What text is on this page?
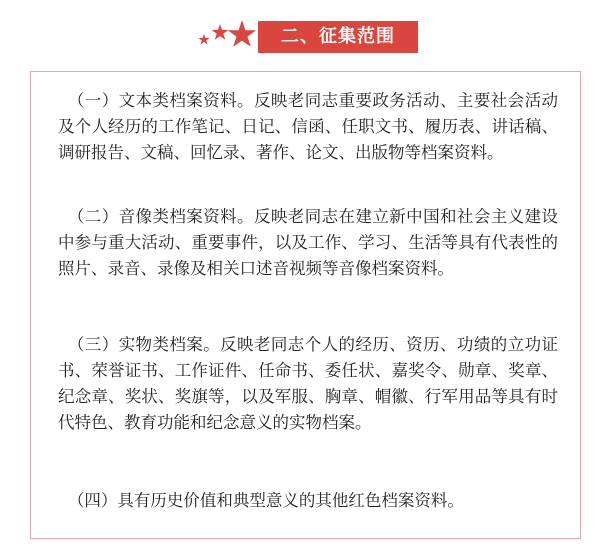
二、征集范围

（一）文本类档案资料。反映老同志重要政务活动、主要社会活动及个人经历的工作笔记、日记、信函、任职文书、履历表、讲话稿、调研报告、文稿、回忆录、著作、论文、出版物等档案资料。

（二）音像类档案资料。反映老同志在建立新中国和社会主义建设中参与重大活动、重要事件，以及工作、学习、生活等具有代表性的照片、录音、录像及相关口述音视频等音像档案资料。

（三）实物类档案。反映老同志个人的经历、资历、功绩的立功证书、荣誉证书、工作证件、任命书、委任状、嘉奖令、勋章、奖章、纪念章、奖状、奖旗等，以及军服、胸章、帽徽、行军用品等具有时代特色、教育功能和纪念意义的实物档案。

（四）具有历史价值和典型意义的其他红色档案资料。
